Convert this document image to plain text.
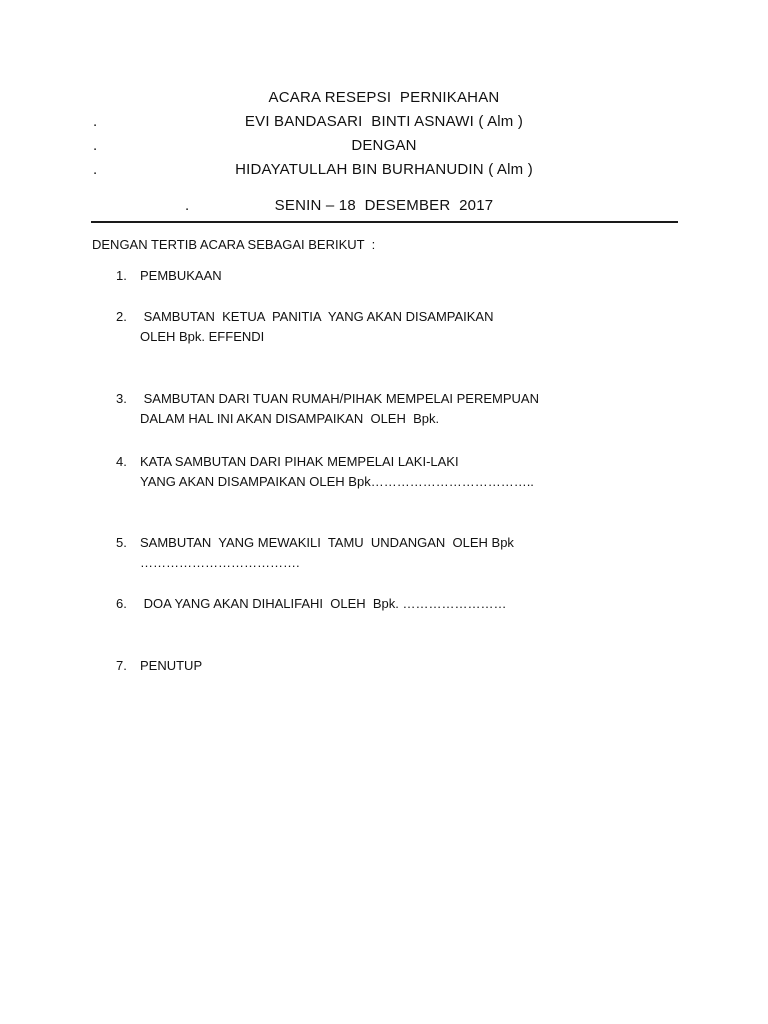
ACARA RESEPSI  PERNIKAHAN
.	EVI BANDASARI  BINTI ASNAWI ( Alm )
.	DENGAN
.	HIDAYATULLAH BIN BURHANUDIN ( Alm )
.	SENIN – 18  DESEMBER  2017
DENGAN TERTIB ACARA SEBAGAI BERIKUT  :
1. PEMBUKAAN
2. SAMBUTAN  KETUA  PANITIA  YANG AKAN DISAMPAIKAN
OLEH Bpk. EFFENDI
3. SAMBUTAN DARI TUAN RUMAH/PIHAK MEMPELAI PEREMPUAN
DALAM HAL INI AKAN DISAMPAIKAN  OLEH  Bpk.
4. KATA SAMBUTAN DARI PIHAK MEMPELAI LAKI-LAKI
YANG AKAN DISAMPAIKAN OLEH Bpk………………………………..
5. SAMBUTAN  YANG MEWAKILI  TAMU  UNDANGAN  OLEH Bpk
……………………………….
6. DOA YANG AKAN DIHALIFAHI  OLEH  Bpk. ……………………
7. PENUTUP
